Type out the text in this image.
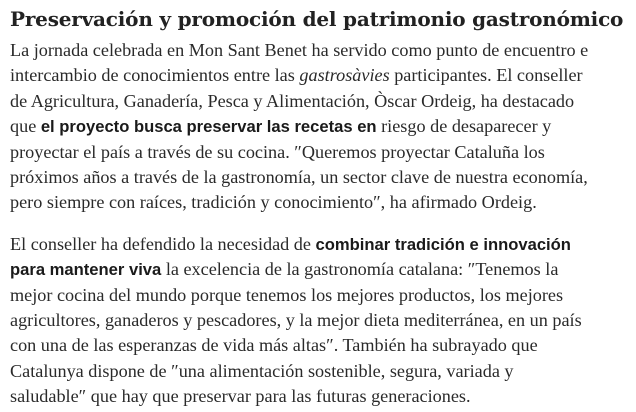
Preservación y promoción del patrimonio gastronómico

La jornada celebrada en Mon Sant Benet ha servido como punto de encuentro e
intercambio de conocimientos entre las gastrosàvies participantes. El conseller
de Agricultura, Ganadería, Pesca y Alimentación, Òscar Ordeig, ha destacado
que el proyecto busca preservar las recetas en riesgo de desaparecer y
proyectar el país a través de su cocina. ″Queremos proyectar Cataluña los
próximos años a través de la gastronomía, un sector clave de nuestra economía,
pero siempre con raíces, tradición y conocimiento″, ha afirmado Ordeig.

El conseller ha defendido la necesidad de combinar tradición e innovación
para mantener viva la excelencia de la gastronomía catalana: ″Tenemos la
mejor cocina del mundo porque tenemos los mejores productos, los mejores
agricultores, ganaderos y pescadores, y la mejor dieta mediterránea, en un país
con una de las esperanzas de vida más altas″. También ha subrayado que
Catalunya dispone de ″una alimentación sostenible, segura, variada y
saludable″ que hay que preservar para las futuras generaciones.
